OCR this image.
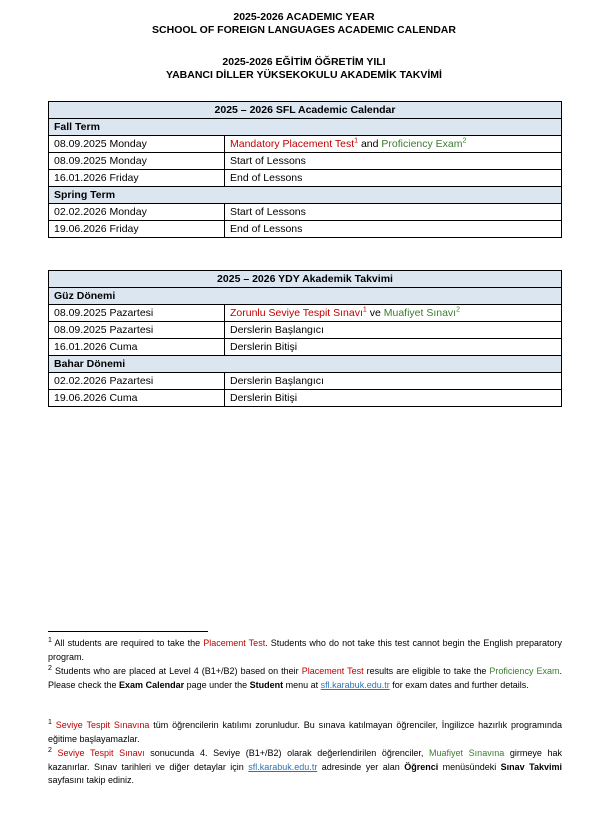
2025-2026 ACADEMIC YEAR
SCHOOL OF FOREIGN LANGUAGES ACADEMIC CALENDAR
2025-2026 EĞİTİM ÖĞRETİM YILI
YABANCI DİLLER YÜKSEKOKULU AKADEMİK TAKVİMİ
2025 – 2026 SFL Academic Calendar	
Fall Term	
08.09.2025 Monday	Mandatory Placement Test$^1$ and Proficiency Exam$^2$
08.09.2025 Monday	Start of Lessons
16.01.2026 Friday	End of Lessons
Spring Term	
02.02.2026 Monday	Start of Lessons
19.06.2026 Friday	End of Lessons
2025 – 2026 YDY Akademik Takvimi	
Güz Dönemi	
08.09.2025 Pazartesi	Zorunlu Seviye Tespit Sınavı$^1$ ve Muafiyet Sınavı$^2$
08.09.2025 Pazartesi	Derslerin Başlangıcı
16.01.2026 Cuma	Derslerin Bitişi
Bahar Dönemi	
02.02.2026 Pazartesi	Derslerin Başlangıcı
19.06.2026 Cuma	Derslerin Bitişi
$^1$ All students are required to take the Placement Test. Students who do not take this test cannot begin the English preparatory program.
$^2$ Students who are placed at Level 4 (B1+/B2) based on their Placement Test results are eligible to take the Proficiency Exam. Please check the Exam Calendar page under the Student menu at sfl.karabuk.edu.tr for exam dates and further details.
$^1$ Seviye Tespit Sınavına tüm öğrencilerin katılımı zorunludur. Bu sınava katılmayan öğrenciler, İngilizce hazırlık programında eğitime başlayamazlar.
$^2$ Seviye Tespit Sınavı sonucunda 4. Seviye (B1+/B2) olarak değerlendirilen öğrenciler, Muafiyet Sınavına girmeye hak kazanırlar. Sınav tarihleri ve diğer detaylar için sfl.karabuk.edu.tr adresinde yer alan Öğrenci menüsündeki Sınav Takvimi sayfasını takip ediniz.
